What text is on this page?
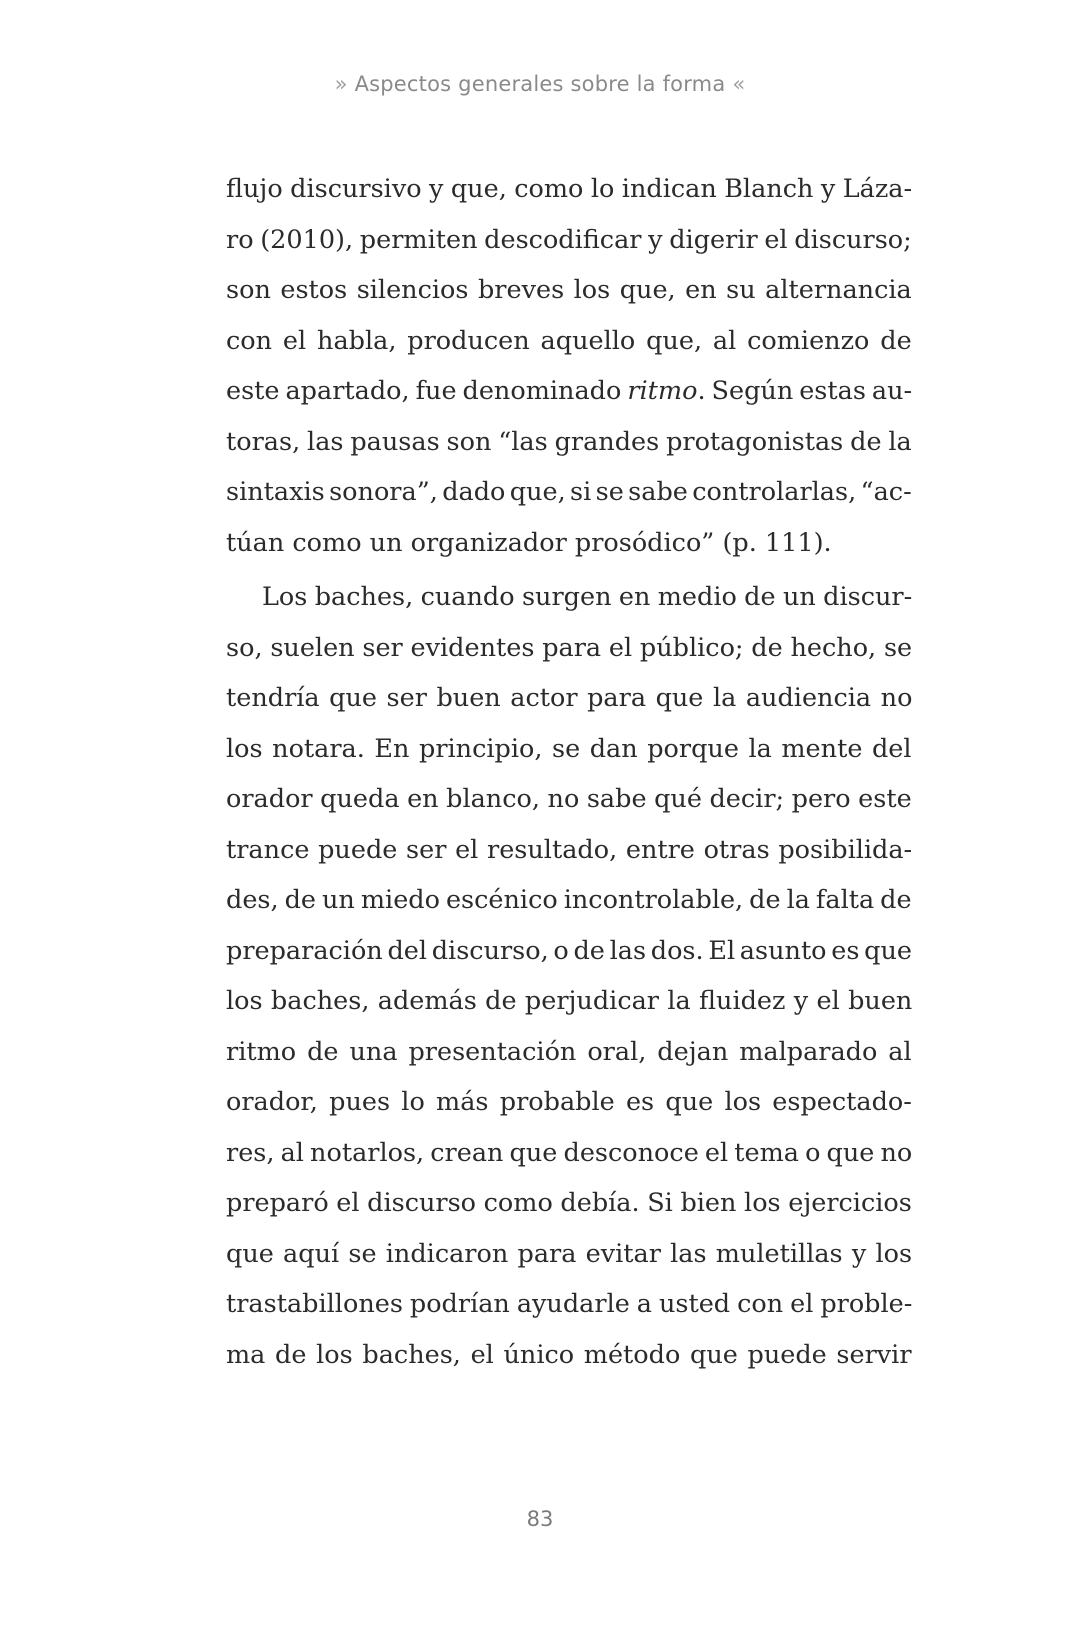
» Aspectos generales sobre la forma «
flujo discursivo y que, como lo indican Blanch y Láza-
ro (2010), permiten descodificar y digerir el discurso;
son estos silencios breves los que, en su alternancia
con el habla, producen aquello que, al comienzo de
este apartado, fue denominado ritmo. Según estas au-
toras, las pausas son “las grandes protagonistas de la
sintaxis sonora”, dado que, si se sabe controlarlas, “ac-
túan como un organizador prosódico” (p. 111).
Los baches, cuando surgen en medio de un discur-
so, suelen ser evidentes para el público; de hecho, se
tendría que ser buen actor para que la audiencia no
los notara. En principio, se dan porque la mente del
orador queda en blanco, no sabe qué decir; pero este
trance puede ser el resultado, entre otras posibilida-
des, de un miedo escénico incontrolable, de la falta de
preparación del discurso, o de las dos. El asunto es que
los baches, además de perjudicar la fluidez y el buen
ritmo de una presentación oral, dejan malparado al
orador, pues lo más probable es que los espectado-
res, al notarlos, crean que desconoce el tema o que no
preparó el discurso como debía. Si bien los ejercicios
que aquí se indicaron para evitar las muletillas y los
trastabillones podrían ayudarle a usted con el proble-
ma de los baches, el único método que puede servir
83
